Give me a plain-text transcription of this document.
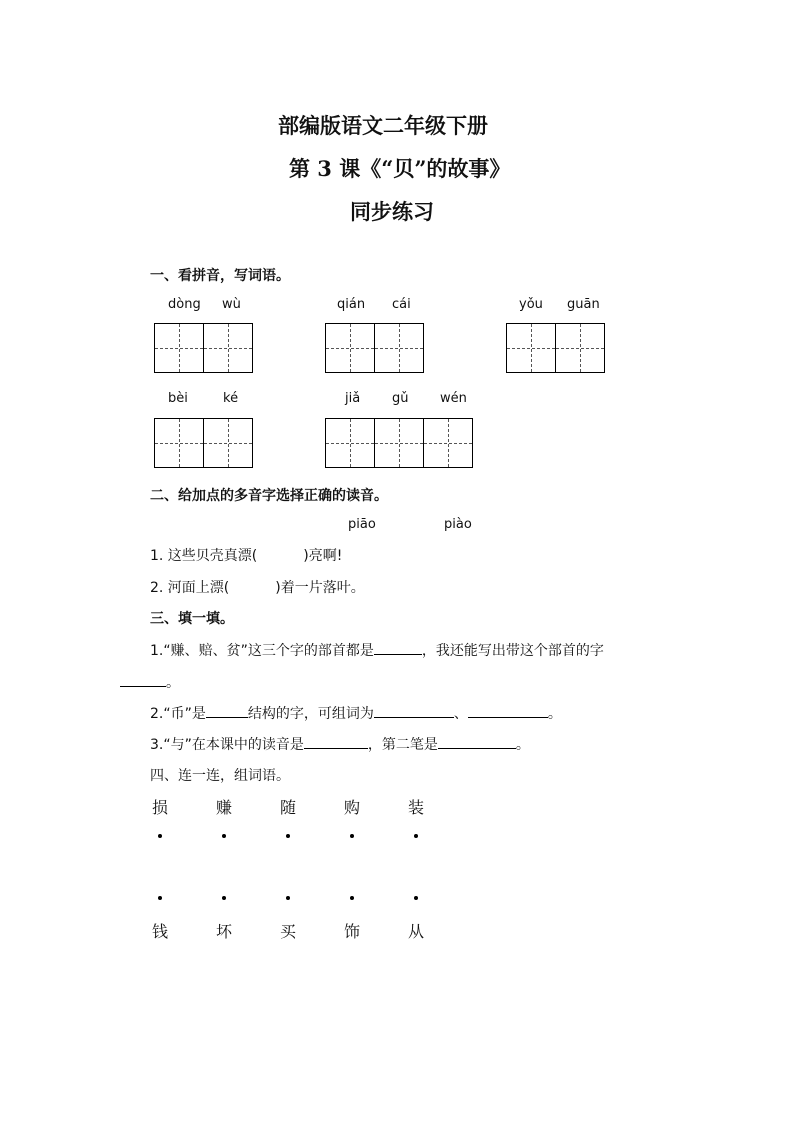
部编版语文二年级下册
第 3 课《“贝”的故事》
同步练习
一、看拼音，写词语。
dòng wù	qián cái	yǒu guān
bèi	ké	jiǎ gǔ wén
二、给加点的多音字选择正确的读音。
piāo	piào
1. 这些贝壳真漂(	)亮啊!
2. 河面上漂(	)着一片落叶。
三、填一填。
1.“赚、赔、贫”这三个字的部首都是	，我还能写出带这个部首的字
。
2.“币”是	结构的字，可组词为	、	。
3.“与”在本课中的读音是	，第二笔是	。
四、连一连，组词语。
损	赚	随	购	装
钱	坏	买	饰	从
